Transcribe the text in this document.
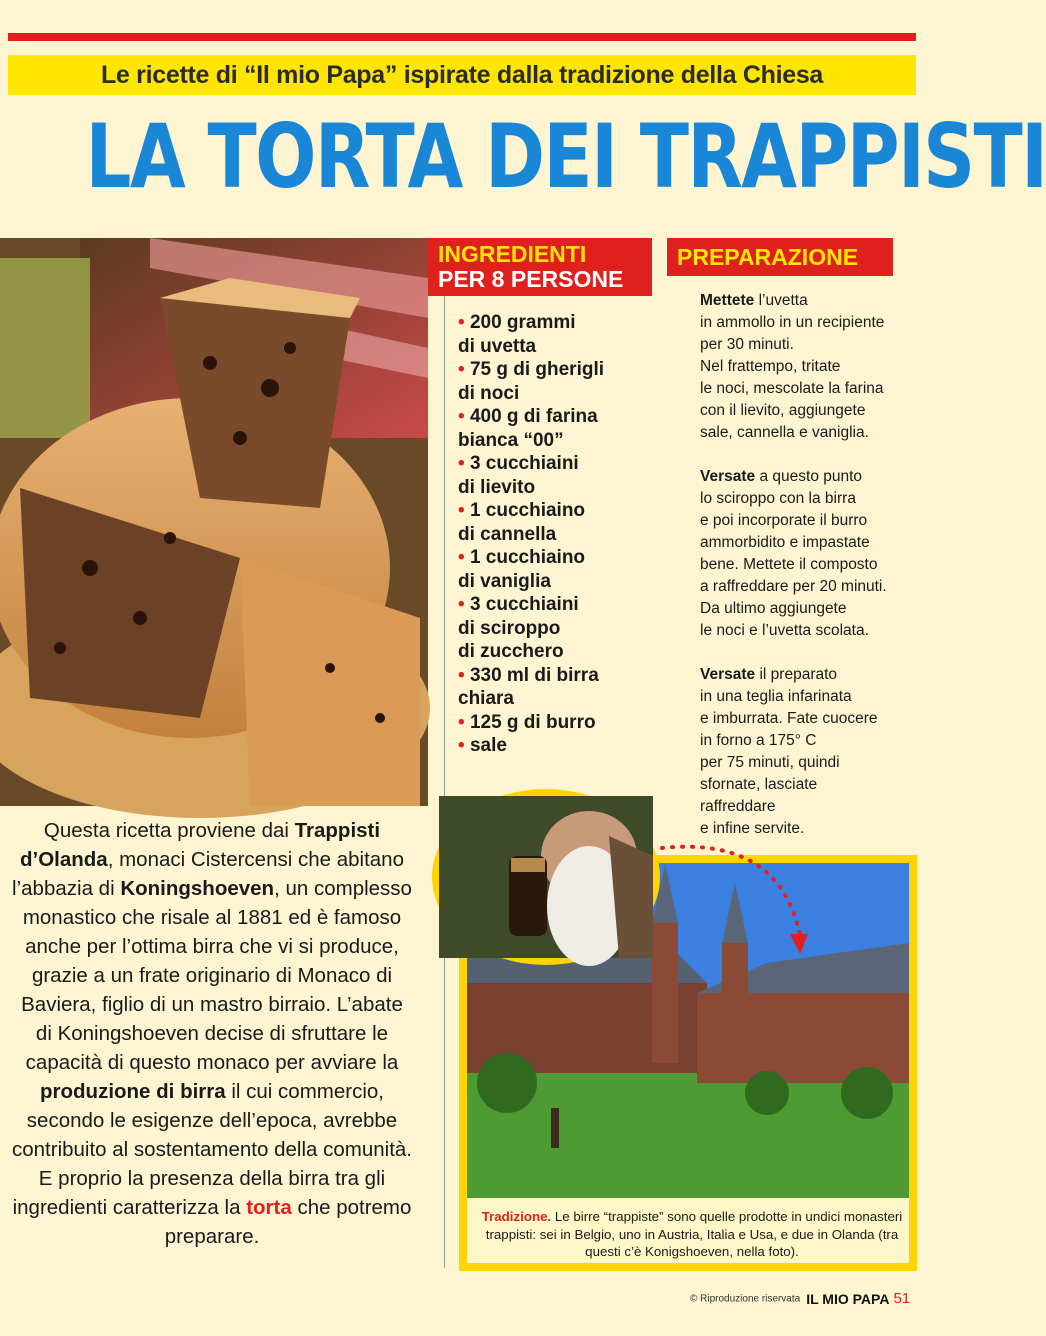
Le ricette di “Il mio Papa” ispirate dalla tradizione della Chiesa
LA TORTA DEI TRAPPISTI
INGREDIENTI
PER 8 PERSONE
• 200 grammi
di uvetta
• 75 g di gherigli
di noci
• 400 g di farina
bianca “00”
• 3 cucchiaini
di lievito
• 1 cucchiaino
di cannella
• 1 cucchiaino
di vaniglia
• 3 cucchiaini
di sciroppo
di zucchero
• 330 ml di birra
chiara
• 125 g di burro
• sale
PREPARAZIONE

Mettete l’uvetta
in ammollo in un recipiente
per 30 minuti.
Nel frattempo, tritate
le noci, mescolate la farina
con il lievito, aggiungete
sale, cannella e vaniglia.

Versate a questo punto
lo sciroppo con la birra
e poi incorporate il burro
ammorbidito e impastate
bene. Mettete il composto
a raffreddare per 20 minuti.
Da ultimo aggiungete
le noci e l’uvetta scolata.

Versate il preparato
in una teglia infarinata
e imburrata. Fate cuocere
in forno a 175° C
per 75 minuti, quindi
sfornate, lasciate
raffreddare
e infine servite.

Questa ricetta proviene dai Trappisti d’Olanda, monaci Cistercensi che abitano l’abbazia di Koningshoeven, un complesso monastico che risale al 1881 ed è famoso anche per l’ottima birra che vi si produce, grazie a un frate originario di Monaco di Baviera, figlio di un mastro birraio. L’abate di Koningshoeven decise di sfruttare le capacità di questo monaco per avviare la produzione di birra il cui commercio, secondo le esigenze dell’epoca, avrebbe contribuito al sostentamento della comunità. E proprio la presenza della birra tra gli ingredienti caratterizza la torta che potremo preparare.
Tradizione. Le birre “trappiste” sono quelle prodotte in undici monasteri trappisti: sei in Belgio, uno in Austria, Italia e Usa, e due in Olanda (tra questi c’è Konigshoeven, nella foto).
© Riproduzione riservata IL MIO PAPA 51
